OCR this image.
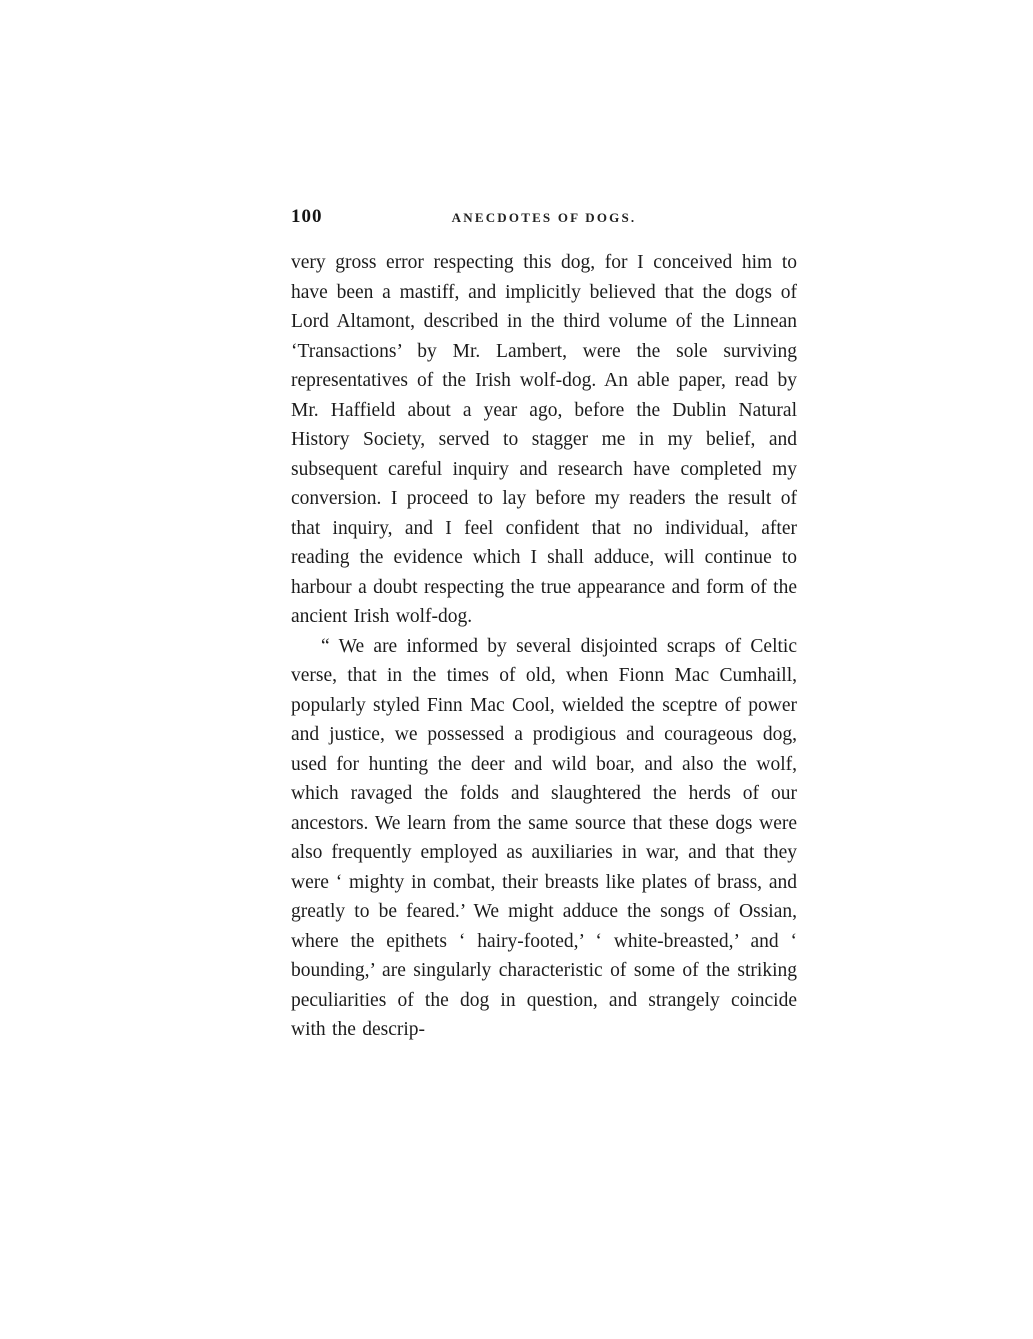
100	ANECDOTES OF DOGS.

very gross error respecting this dog, for I conceived him to have been a mastiff, and implicitly believed that the dogs of Lord Altamont, described in the third volume of the Linnean ‘Transactions’ by Mr. Lambert, were the sole surviving representatives of the Irish wolf-dog. An able paper, read by Mr. Haffield about a year ago, before the Dublin Natural History Society, served to stagger me in my belief, and subsequent careful inquiry and research have completed my conversion. I proceed to lay before my readers the result of that inquiry, and I feel confident that no individual, after reading the evidence which I shall adduce, will continue to harbour a doubt respecting the true appearance and form of the ancient Irish wolf-dog.

“ We are informed by several disjointed scraps of Celtic verse, that in the times of old, when Fionn Mac Cumhaill, popularly styled Finn Mac Cool, wielded the sceptre of power and justice, we possessed a prodigious and courageous dog, used for hunting the deer and wild boar, and also the wolf, which ravaged the folds and slaughtered the herds of our ancestors. We learn from the same source that these dogs were also frequently employed as auxiliaries in war, and that they were ‘ mighty in combat, their breasts like plates of brass, and greatly to be feared.’ We might adduce the songs of Ossian, where the epithets ‘ hairy-footed,’ ‘ white-breasted,’ and ‘ bounding,’ are singularly characteristic of some of the striking peculiarities of the dog in question, and strangely coincide with the descrip-
